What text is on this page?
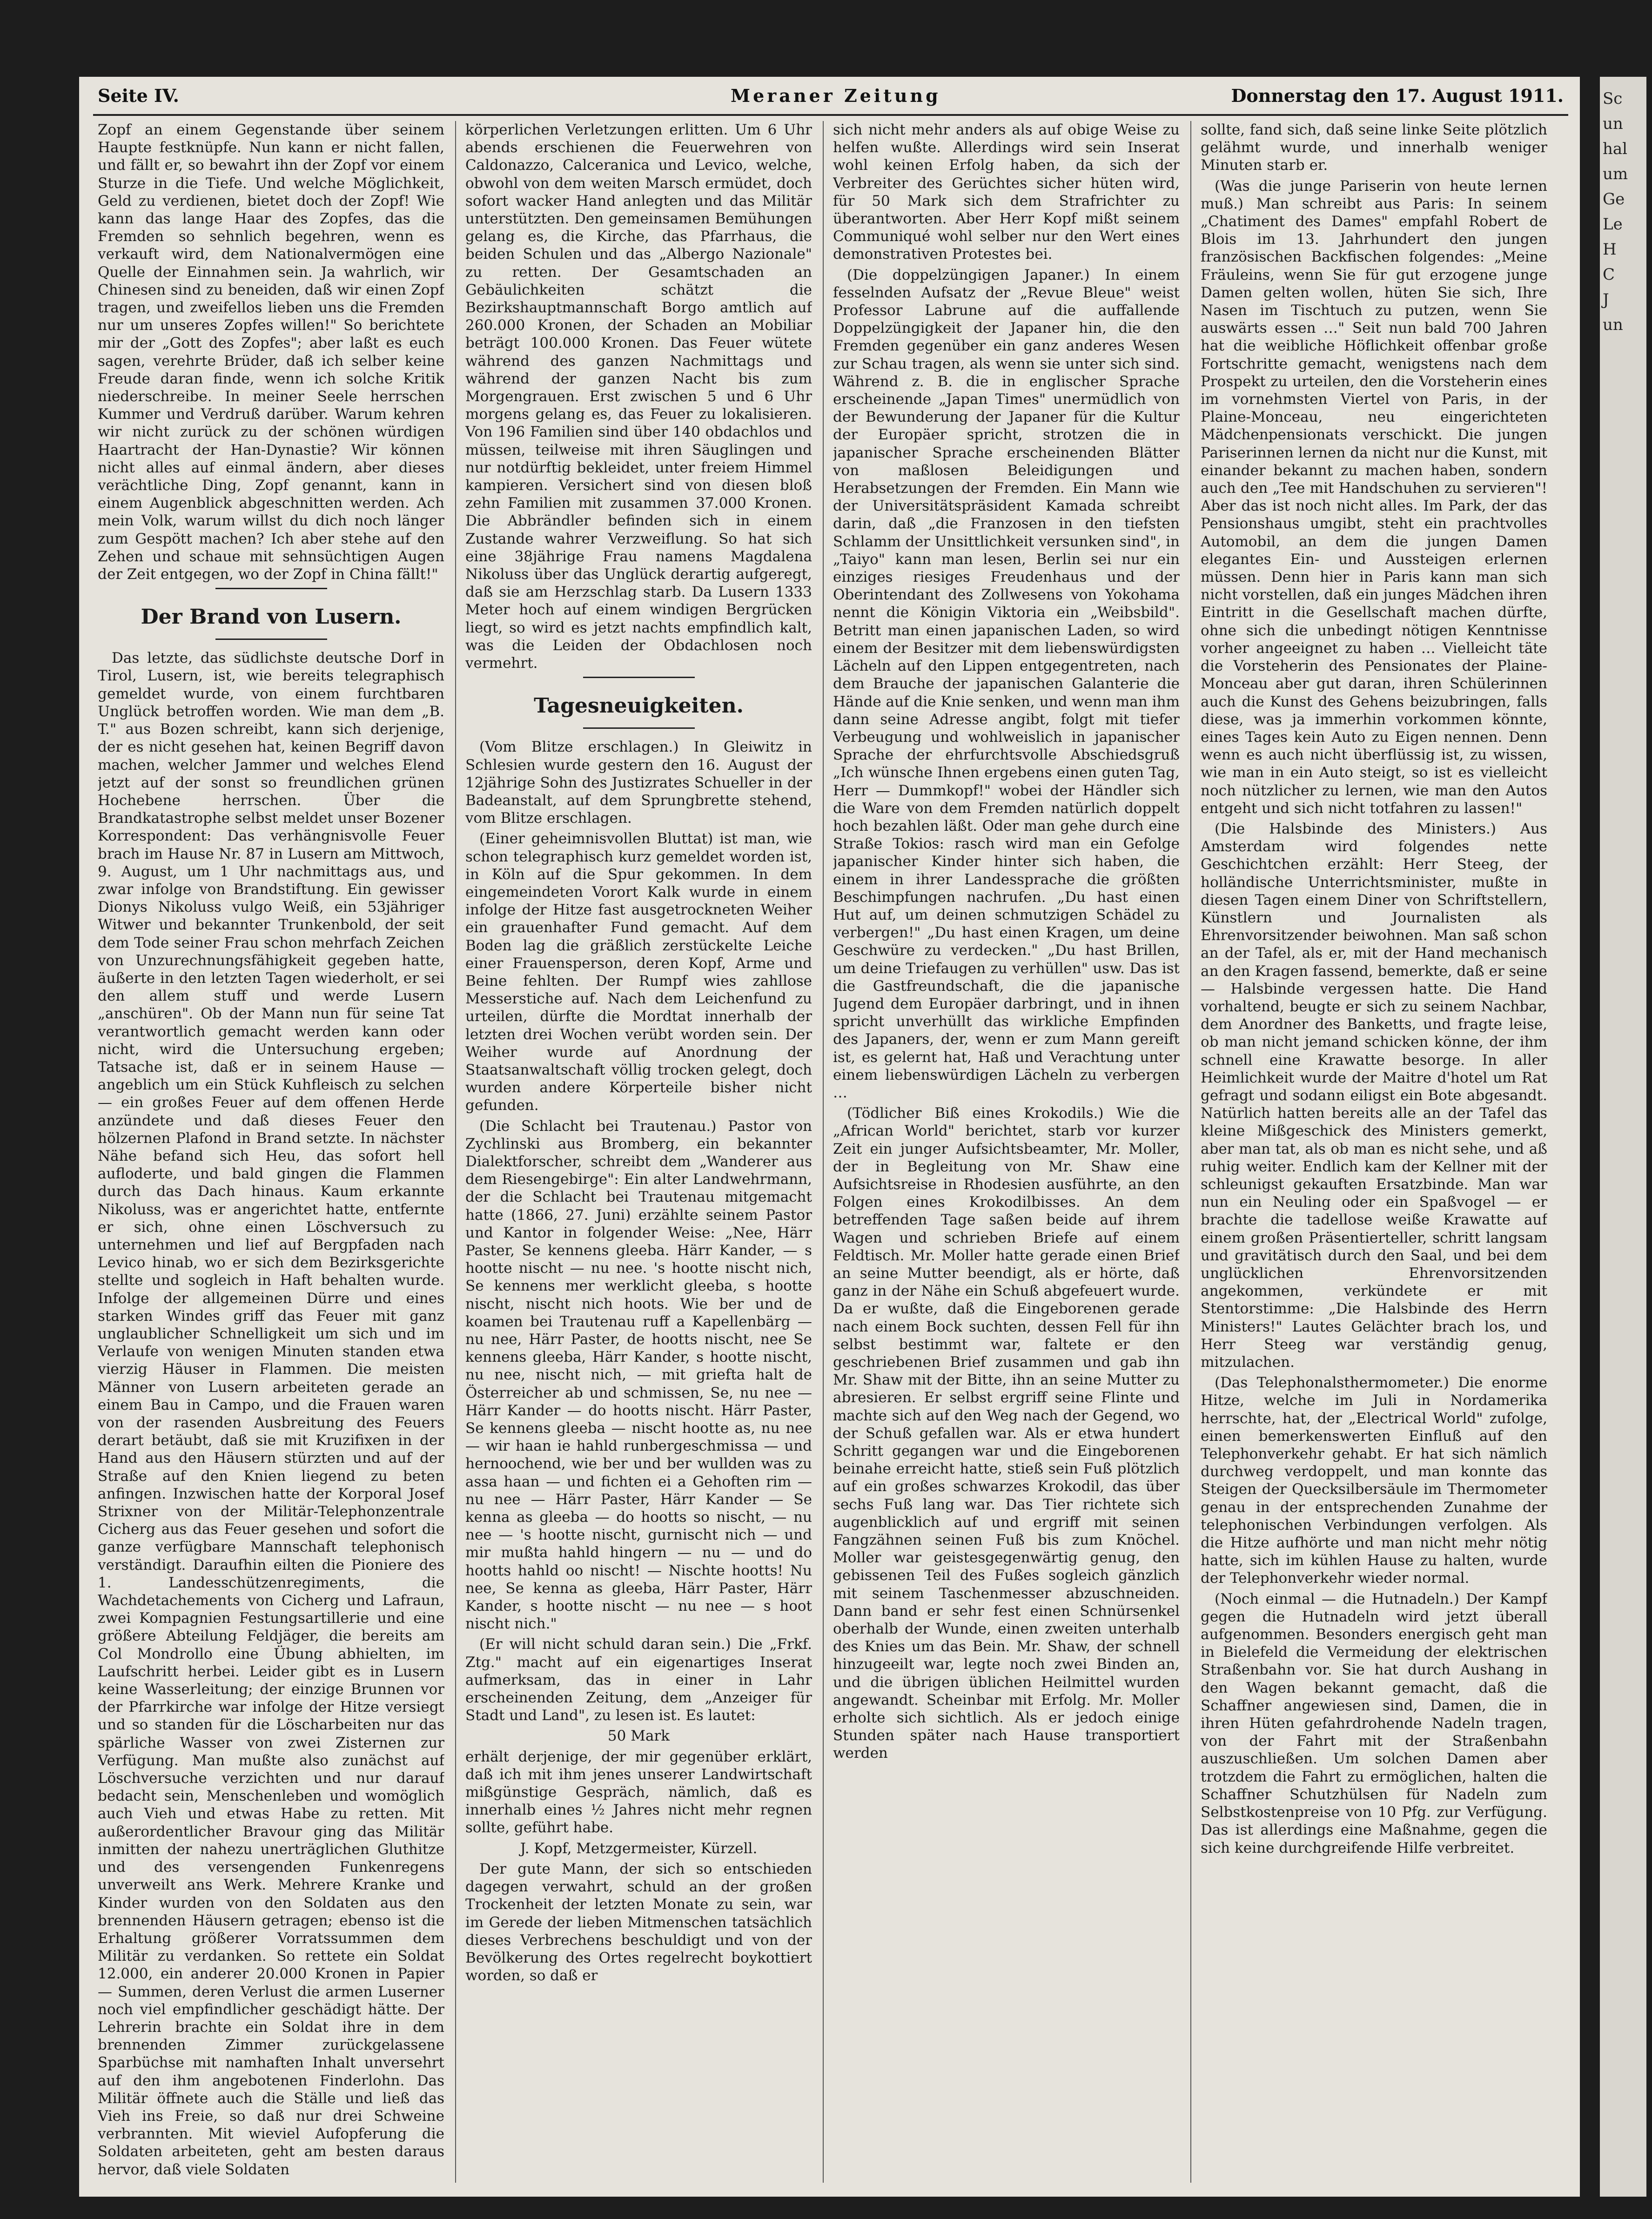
Seite IV.	Meraner Zeitung	Donnerstag den 17. August 1911.

Zopf an einem Gegenstande über seinem Haupte festknüpfe. Nun kann er nicht fallen, und fällt er, so bewahrt ihn der Zopf vor einem Sturze in die Tiefe. Und welche Möglichkeit, Geld zu verdienen, bietet doch der Zopf! Wie kann das lange Haar des Zopfes, das die Fremden so sehnlich begehren, wenn es verkauft wird, dem Nationalvermögen eine Quelle der Einnahmen sein. Ja wahrlich, wir Chinesen sind zu beneiden, daß wir einen Zopf tragen, und zweifellos lieben uns die Fremden nur um unseres Zopfes willen!" So berichtete mir der „Gott des Zopfes"; aber laßt es euch sagen, verehrte Brüder, daß ich selber keine Freude daran finde, wenn ich solche Kritik niederschreibe. In meiner Seele herrschen Kummer und Verdruß darüber. Warum kehren wir nicht zurück zu der schönen würdigen Haartracht der Han-Dynastie? Wir können nicht alles auf einmal ändern, aber dieses verächtliche Ding, Zopf genannt, kann in einem Augenblick abgeschnitten werden. Ach mein Volk, warum willst du dich noch länger zum Gespött machen? Ich aber stehe auf den Zehen und schaue mit sehnsüchtigen Augen der Zeit entgegen, wo der Zopf in China fällt!"

Der Brand von Lusern.

Das letzte, das südlichste deutsche Dorf in Tirol, Lusern, ist, wie bereits telegraphisch gemeldet wurde, von einem furchtbaren Unglück betroffen worden. Wie man dem „B. T." aus Bozen schreibt, kann sich derjenige, der es nicht gesehen hat, keinen Begriff davon machen, welcher Jammer und welches Elend jetzt auf der sonst so freundlichen grünen Hochebene herrschen. Über die Brandkatastrophe selbst meldet unser Bozener Korrespondent: Das verhängnisvolle Feuer brach im Hause Nr. 87 in Lusern am Mittwoch, 9. August, um 1 Uhr nachmittags aus, und zwar infolge von Brandstiftung. Ein gewisser Dionys Nikoluss vulgo Weiß, ein 53jähriger Witwer und bekannter Trunkenbold, der seit dem Tode seiner Frau schon mehrfach Zeichen von Unzurechnungsfähigkeit gegeben hatte, äußerte in den letzten Tagen wiederholt, er sei den allem stuff und werde Lusern „anschüren". Ob der Mann nun für seine Tat verantwortlich gemacht werden kann oder nicht, wird die Untersuchung ergeben; Tatsache ist, daß er in seinem Hause — angeblich um ein Stück Kuhfleisch zu selchen — ein großes Feuer auf dem offenen Herde anzündete und daß dieses Feuer den hölzernen Plafond in Brand setzte. In nächster Nähe befand sich Heu, das sofort hell aufloderte, und bald gingen die Flammen durch das Dach hinaus. Kaum erkannte Nikoluss, was er angerichtet hatte, entfernte er sich, ohne einen Löschversuch zu unternehmen und lief auf Bergpfaden nach Levico hinab, wo er sich dem Bezirksgerichte stellte und sogleich in Haft behalten wurde. Infolge der allgemeinen Dürre und eines starken Windes griff das Feuer mit ganz unglaublicher Schnelligkeit um sich und im Verlaufe von wenigen Minuten standen etwa vierzig Häuser in Flammen. Die meisten Männer von Lusern arbeiteten gerade an einem Bau in Campo, und die Frauen waren von der rasenden Ausbreitung des Feuers derart betäubt, daß sie mit Kruzifixen in der Hand aus den Häusern stürzten und auf der Straße auf den Knien liegend zu beten anfingen. Inzwischen hatte der Korporal Josef Strixner von der Militär-Telephonzentrale Cicherg aus das Feuer gesehen und sofort die ganze verfügbare Mannschaft telephonisch verständigt. Daraufhin eilten die Pioniere des 1. Landesschützenregiments, die Wachdetachements von Cicherg und Lafraun, zwei Kompagnien Festungsartillerie und eine größere Abteilung Feldjäger, die bereits am Col Mondrollo eine Übung abhielten, im Laufschritt herbei. Leider gibt es in Lusern keine Wasserleitung; der einzige Brunnen vor der Pfarrkirche war infolge der Hitze versiegt und so standen für die Löscharbeiten nur das spärliche Wasser von zwei Zisternen zur Verfügung. Man mußte also zunächst auf Löschversuche verzichten und nur darauf bedacht sein, Menschenleben und womöglich auch Vieh und etwas Habe zu retten. Mit außerordentlicher Bravour ging das Militär inmitten der nahezu unerträglichen Gluthitze und des versengenden Funkenregens unverweilt ans Werk. Mehrere Kranke und Kinder wurden von den Soldaten aus den brennenden Häusern getragen; ebenso ist die Erhaltung größerer Vorratssummen dem Militär zu verdanken. So rettete ein Soldat 12.000, ein anderer 20.000 Kronen in Papier — Summen, deren Verlust die armen Luserner noch viel empfindlicher geschädigt hätte. Der Lehrerin brachte ein Soldat ihre in dem brennenden Zimmer zurückgelassene Sparbüchse mit namhaften Inhalt unversehrt auf den ihm angebotenen Finderlohn. Das Militär öffnete auch die Ställe und ließ das Vieh ins Freie, so daß nur drei Schweine verbrannten. Mit wieviel Aufopferung die Soldaten arbeiteten, geht am besten daraus hervor, daß viele Soldaten

körperlichen Verletzungen erlitten. Um 6 Uhr abends erschienen die Feuerwehren von Caldonazzo, Calceranica und Levico, welche, obwohl von dem weiten Marsch ermüdet, doch sofort wacker Hand anlegten und das Militär unterstützten. Den gemeinsamen Bemühungen gelang es, die Kirche, das Pfarrhaus, die beiden Schulen und das „Albergo Nazionale" zu retten. Der Gesamtschaden an Gebäulichkeiten schätzt die Bezirkshauptmannschaft Borgo amtlich auf 260.000 Kronen, der Schaden an Mobiliar beträgt 100.000 Kronen. Das Feuer wütete während des ganzen Nachmittags und während der ganzen Nacht bis zum Morgengrauen. Erst zwischen 5 und 6 Uhr morgens gelang es, das Feuer zu lokalisieren. Von 196 Familien sind über 140 obdachlos und müssen, teilweise mit ihren Säuglingen und nur notdürftig bekleidet, unter freiem Himmel kampieren. Versichert sind von diesen bloß zehn Familien mit zusammen 37.000 Kronen. Die Abbrändler befinden sich in einem Zustande wahrer Verzweiflung. So hat sich eine 38jährige Frau namens Magdalena Nikoluss über das Unglück derartig aufgeregt, daß sie am Herzschlag starb. Da Lusern 1333 Meter hoch auf einem windigen Bergrücken liegt, so wird es jetzt nachts empfindlich kalt, was die Leiden der Obdachlosen noch vermehrt.

Tagesneuigkeiten.

(Vom Blitze erschlagen.) In Gleiwitz in Schlesien wurde gestern den 16. August der 12jährige Sohn des Justizrates Schueller in der Badeanstalt, auf dem Sprungbrette stehend, vom Blitze erschlagen.

(Einer geheimnisvollen Bluttat) ist man, wie schon telegraphisch kurz gemeldet worden ist, in Köln auf die Spur gekommen. In dem eingemeindeten Vorort Kalk wurde in einem infolge der Hitze fast ausgetrockneten Weiher ein grauenhafter Fund gemacht. Auf dem Boden lag die gräßlich zerstückelte Leiche einer Frauensperson, deren Kopf, Arme und Beine fehlten. Der Rumpf wies zahllose Messerstiche auf. Nach dem Leichenfund zu urteilen, dürfte die Mordtat innerhalb der letzten drei Wochen verübt worden sein. Der Weiher wurde auf Anordnung der Staatsanwaltschaft völlig trocken gelegt, doch wurden andere Körperteile bisher nicht gefunden.

(Die Schlacht bei Trautenau.) Pastor von Zychlinski aus Bromberg, ein bekannter Dialektforscher, schreibt dem „Wanderer aus dem Riesengebirge": Ein alter Landwehrmann, der die Schlacht bei Trautenau mitgemacht hatte (1866, 27. Juni) erzählte seinem Pastor und Kantor in folgender Weise: „Nee, Härr Paster, Se kennens gleeba. Härr Kander, — s hootte nischt — nu nee. 's hootte nischt nich, Se kennens mer werklicht gleeba, s hootte nischt, nischt nich hoots. Wie ber und de koamen bei Trautenau ruff a Kapellenbärg — nu nee, Härr Paster, de hootts nischt, nee Se kennens gleeba, Härr Kander, s hootte nischt, nu nee, nischt nich, — mit griefta halt de Österreicher ab und schmissen, Se, nu nee — Härr Kander — do hootts nischt. Härr Paster, Se kennens gleeba — nischt hootte as, nu nee — wir haan ie hahld runbergeschmissa — und hernoochend, wie ber und ber wullden was zu assa haan — und fichten ei a Gehoften rim — nu nee — Härr Paster, Härr Kander — Se kenna as gleeba — do hootts so nischt, — nu nee — 's hootte nischt, gurnischt nich — und mir mußta hahld hingern — nu — und do hootts hahld oo nischt! — Nischte hootts! Nu nee, Se kenna as gleeba, Härr Paster, Härr Kander, s hootte nischt — nu nee — s hoot nischt nich."

(Er will nicht schuld daran sein.) Die „Frkf. Ztg." macht auf ein eigenartiges Inserat aufmerksam, das in einer in Lahr erscheinenden Zeitung, dem „Anzeiger für Stadt und Land", zu lesen ist. Es lautet:

50 Mark

erhält derjenige, der mir gegenüber erklärt, daß ich mit ihm jenes unserer Landwirtschaft mißgünstige Gespräch, nämlich, daß es innerhalb eines ½ Jahres nicht mehr regnen sollte, geführt habe.

J. Kopf, Metzgermeister, Kürzell.

Der gute Mann, der sich so entschieden dagegen verwahrt, schuld an der großen Trockenheit der letzten Monate zu sein, war im Gerede der lieben Mitmenschen tatsächlich dieses Verbrechens beschuldigt und von der Bevölkerung des Ortes regelrecht boykottiert worden, so daß er

sich nicht mehr anders als auf obige Weise zu helfen wußte. Allerdings wird sein Inserat wohl keinen Erfolg haben, da sich der Verbreiter des Gerüchtes sicher hüten wird, für 50 Mark sich dem Strafrichter zu überantworten. Aber Herr Kopf mißt seinem Communiqué wohl selber nur den Wert eines demonstrativen Protestes bei.

(Die doppelzüngigen Japaner.) In einem fesselnden Aufsatz der „Revue Bleue" weist Professor Labrune auf die auffallende Doppelzüngigkeit der Japaner hin, die den Fremden gegenüber ein ganz anderes Wesen zur Schau tragen, als wenn sie unter sich sind. Während z. B. die in englischer Sprache erscheinende „Japan Times" unermüdlich von der Bewunderung der Japaner für die Kultur der Europäer spricht, strotzen die in japanischer Sprache erscheinenden Blätter von maßlosen Beleidigungen und Herabsetzungen der Fremden. Ein Mann wie der Universitätspräsident Kamada schreibt darin, daß „die Franzosen in den tiefsten Schlamm der Unsittlichkeit versunken sind", in „Taiyo" kann man lesen, Berlin sei nur ein einziges riesiges Freudenhaus und der Oberintendant des Zollwesens von Yokohama nennt die Königin Viktoria ein „Weibsbild". Betritt man einen japanischen Laden, so wird einem der Besitzer mit dem liebenswürdigsten Lächeln auf den Lippen entgegentreten, nach dem Brauche der japanischen Galanterie die Hände auf die Knie senken, und wenn man ihm dann seine Adresse angibt, folgt mit tiefer Verbeugung und wohlweislich in japanischer Sprache der ehrfurchtsvolle Abschiedsgruß „Ich wünsche Ihnen ergebens einen guten Tag, Herr — Dummkopf!" wobei der Händler sich die Ware von dem Fremden natürlich doppelt hoch bezahlen läßt. Oder man gehe durch eine Straße Tokios: rasch wird man ein Gefolge japanischer Kinder hinter sich haben, die einem in ihrer Landessprache die größten Beschimpfungen nachrufen. „Du hast einen Hut auf, um deinen schmutzigen Schädel zu verbergen!" „Du hast einen Kragen, um deine Geschwüre zu verdecken." „Du hast Brillen, um deine Triefaugen zu verhüllen" usw. Das ist die Gastfreundschaft, die die japanische Jugend dem Europäer darbringt, und in ihnen spricht unverhüllt das wirkliche Empfinden des Japaners, der, wenn er zum Mann gereift ist, es gelernt hat, Haß und Verachtung unter einem liebenswürdigen Lächeln zu verbergen …

(Tödlicher Biß eines Krokodils.) Wie die „African World" berichtet, starb vor kurzer Zeit ein junger Aufsichtsbeamter, Mr. Moller, der in Begleitung von Mr. Shaw eine Aufsichtsreise in Rhodesien ausführte, an den Folgen eines Krokodilbisses. An dem betreffenden Tage saßen beide auf ihrem Wagen und schrieben Briefe auf einem Feldtisch. Mr. Moller hatte gerade einen Brief an seine Mutter beendigt, als er hörte, daß ganz in der Nähe ein Schuß abgefeuert wurde. Da er wußte, daß die Eingeborenen gerade nach einem Bock suchten, dessen Fell für ihn selbst bestimmt war, faltete er den geschriebenen Brief zusammen und gab ihn Mr. Shaw mit der Bitte, ihn an seine Mutter zu abresieren. Er selbst ergriff seine Flinte und machte sich auf den Weg nach der Gegend, wo der Schuß gefallen war. Als er etwa hundert Schritt gegangen war und die Eingeborenen beinahe erreicht hatte, stieß sein Fuß plötzlich auf ein großes schwarzes Krokodil, das über sechs Fuß lang war. Das Tier richtete sich augenblicklich auf und ergriff mit seinen Fangzähnen seinen Fuß bis zum Knöchel. Moller war geistesgegenwärtig genug, den gebissenen Teil des Fußes sogleich gänzlich mit seinem Taschenmesser abzuschneiden. Dann band er sehr fest einen Schnürsenkel oberhalb der Wunde, einen zweiten unterhalb des Knies um das Bein. Mr. Shaw, der schnell hinzugeeilt war, legte noch zwei Binden an, und die übrigen üblichen Heilmittel wurden angewandt. Scheinbar mit Erfolg. Mr. Moller erholte sich sichtlich. Als er jedoch einige Stunden später nach Hause transportiert werden

sollte, fand sich, daß seine linke Seite plötzlich gelähmt wurde, und innerhalb weniger Minuten starb er.

(Was die junge Pariserin von heute lernen muß.) Man schreibt aus Paris: In seinem „Chatiment des Dames" empfahl Robert de Blois im 13. Jahrhundert den jungen französischen Backfischen folgendes: „Meine Fräuleins, wenn Sie für gut erzogene junge Damen gelten wollen, hüten Sie sich, Ihre Nasen im Tischtuch zu putzen, wenn Sie auswärts essen …" Seit nun bald 700 Jahren hat die weibliche Höflichkeit offenbar große Fortschritte gemacht, wenigstens nach dem Prospekt zu urteilen, den die Vorsteherin eines im vornehmsten Viertel von Paris, in der Plaine-Monceau, neu eingerichteten Mädchenpensionats verschickt. Die jungen Pariserinnen lernen da nicht nur die Kunst, mit einander bekannt zu machen haben, sondern auch den „Tee mit Handschuhen zu servieren"! Aber das ist noch nicht alles. Im Park, der das Pensionshaus umgibt, steht ein prachtvolles Automobil, an dem die jungen Damen elegantes Ein- und Aussteigen erlernen müssen. Denn hier in Paris kann man sich nicht vorstellen, daß ein junges Mädchen ihren Eintritt in die Gesellschaft machen dürfte, ohne sich die unbedingt nötigen Kenntnisse vorher angeeignet zu haben … Vielleicht täte die Vorsteherin des Pensionates der Plaine-Monceau aber gut daran, ihren Schülerinnen auch die Kunst des Gehens beizubringen, falls diese, was ja immerhin vorkommen könnte, eines Tages kein Auto zu Eigen nennen. Denn wenn es auch nicht überflüssig ist, zu wissen, wie man in ein Auto steigt, so ist es vielleicht noch nützlicher zu lernen, wie man den Autos entgeht und sich nicht totfahren zu lassen!"

(Die Halsbinde des Ministers.) Aus Amsterdam wird folgendes nette Geschichtchen erzählt: Herr Steeg, der holländische Unterrichtsminister, mußte in diesen Tagen einem Diner von Schriftstellern, Künstlern und Journalisten als Ehrenvorsitzender beiwohnen. Man saß schon an der Tafel, als er, mit der Hand mechanisch an den Kragen fassend, bemerkte, daß er seine — Halsbinde vergessen hatte. Die Hand vorhaltend, beugte er sich zu seinem Nachbar, dem Anordner des Banketts, und fragte leise, ob man nicht jemand schicken könne, der ihm schnell eine Krawatte besorge. In aller Heimlichkeit wurde der Maitre d'hotel um Rat gefragt und sodann eiligst ein Bote abgesandt. Natürlich hatten bereits alle an der Tafel das kleine Mißgeschick des Ministers gemerkt, aber man tat, als ob man es nicht sehe, und aß ruhig weiter. Endlich kam der Kellner mit der schleunigst gekauften Ersatzbinde. Man war nun ein Neuling oder ein Spaßvogel — er brachte die tadellose weiße Krawatte auf einem großen Präsentierteller, schritt langsam und gravitätisch durch den Saal, und bei dem unglücklichen Ehrenvorsitzenden angekommen, verkündete er mit Stentorstimme: „Die Halsbinde des Herrn Ministers!" Lautes Gelächter brach los, und Herr Steeg war verständig genug, mitzulachen.

(Das Telephonalsthermometer.) Die enorme Hitze, welche im Juli in Nordamerika herrschte, hat, der „Electrical World" zufolge, einen bemerkenswerten Einfluß auf den Telephonverkehr gehabt. Er hat sich nämlich durchweg verdoppelt, und man konnte das Steigen der Quecksilbersäule im Thermometer genau in der entsprechenden Zunahme der telephonischen Verbindungen verfolgen. Als die Hitze aufhörte und man nicht mehr nötig hatte, sich im kühlen Hause zu halten, wurde der Telephonverkehr wieder normal.

(Noch einmal — die Hutnadeln.) Der Kampf gegen die Hutnadeln wird jetzt überall aufgenommen. Besonders energisch geht man in Bielefeld die Vermeidung der elektrischen Straßenbahn vor. Sie hat durch Aushang in den Wagen bekannt gemacht, daß die Schaffner angewiesen sind, Damen, die in ihren Hüten gefahrdrohende Nadeln tragen, von der Fahrt mit der Straßenbahn auszuschließen. Um solchen Damen aber trotzdem die Fahrt zu ermöglichen, halten die Schaffner Schutzhülsen für Nadeln zum Selbstkostenpreise von 10 Pfg. zur Verfügung. Das ist allerdings eine Maßnahme, gegen die sich keine durchgreifende Hilfe verbreitet.

Sc
un
hal
um
Ge
Le
H
C
J
un
